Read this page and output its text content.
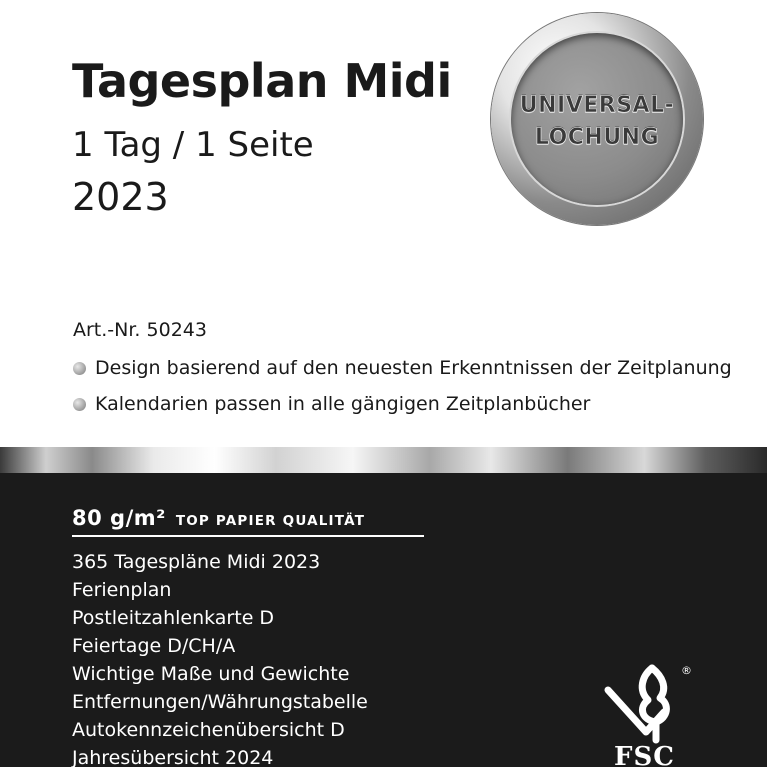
Tagesplan Midi
1 Tag / 1 Seite
2023
UNIVERSAL-
LOCHUNG
Art.-Nr. 50243
Design basierend auf den neuesten Erkenntnissen der Zeitplanung
Kalendarien passen in alle gängigen Zeitplanbücher
80 g/m² TOP PAPIER QUALITÄT
365 Tagespläne Midi 2023
Ferienplan
Postleitzahlenkarte D
Feiertage D/CH/A
Wichtige Maße und Gewichte
Entfernungen/Währungstabelle
Autokennzeichenübersicht D
Jahresübersicht 2024
®
FSC
